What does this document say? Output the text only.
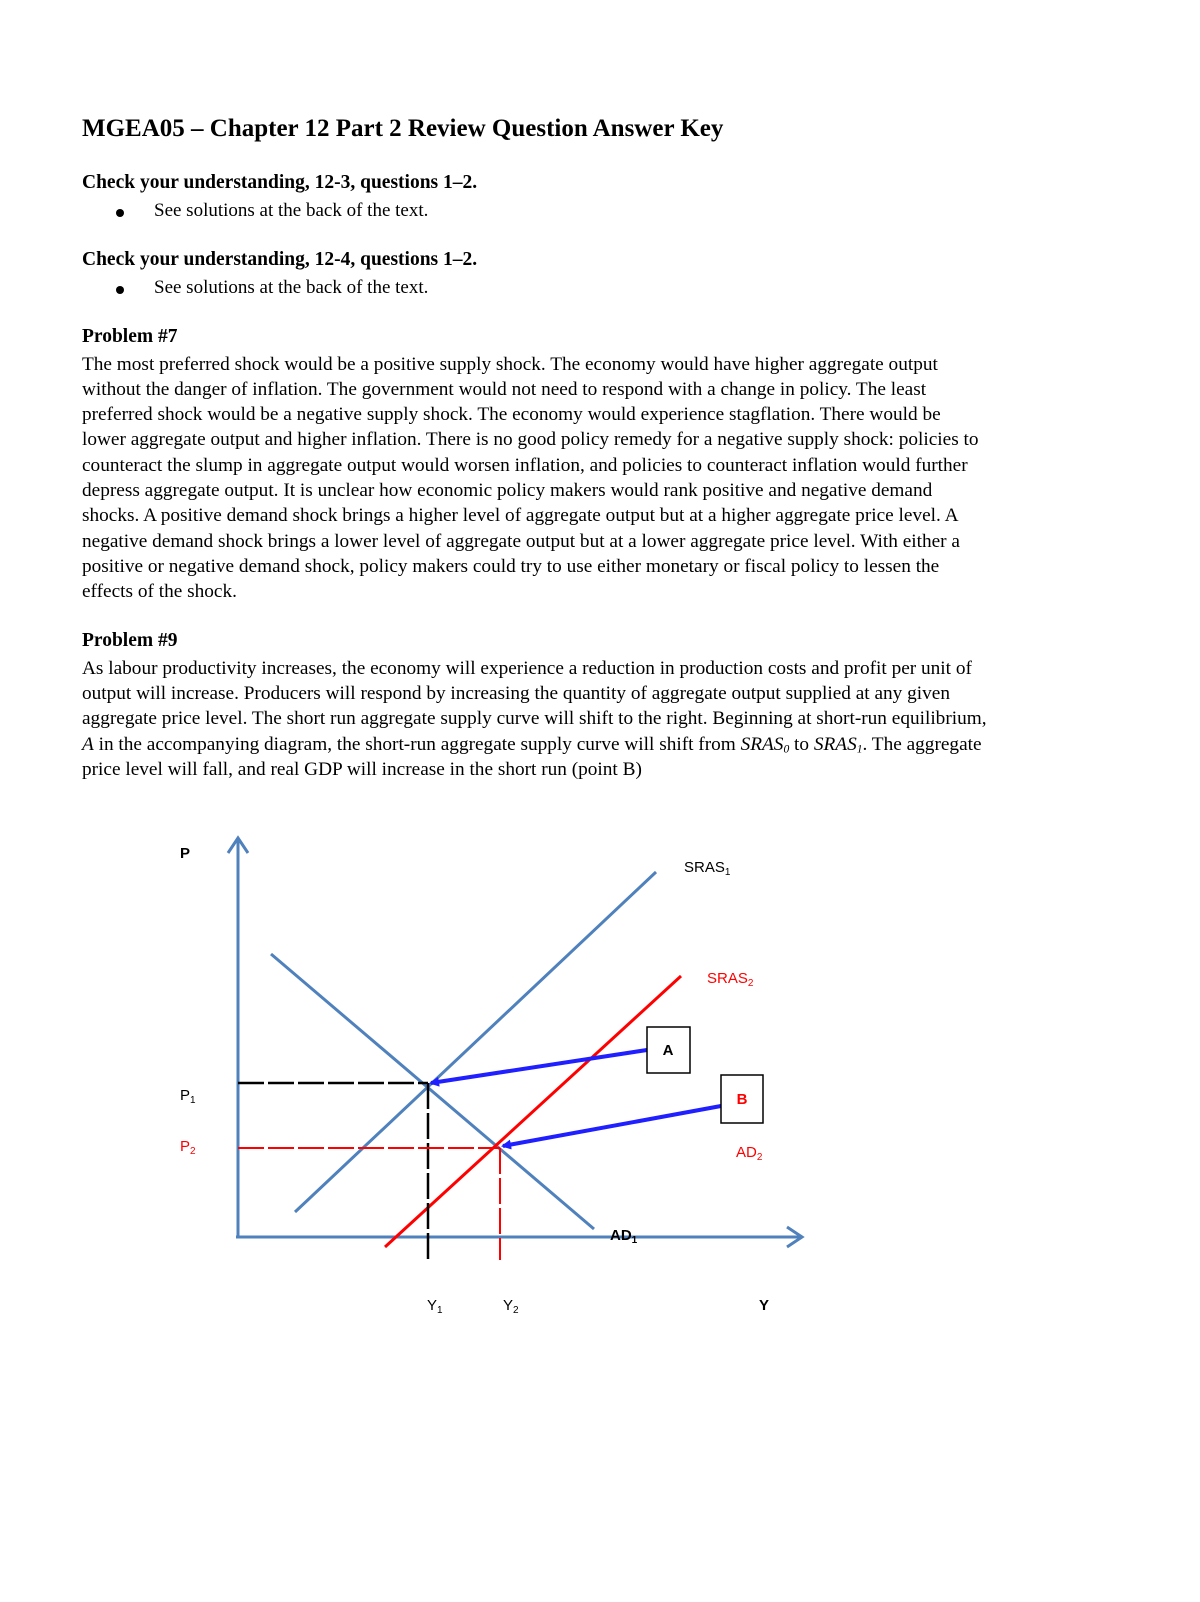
MGEA05 – Chapter 12 Part 2 Review Question Answer Key
Check your understanding, 12-3, questions 1–2.
See solutions at the back of the text.
Check your understanding, 12-4, questions 1–2.
See solutions at the back of the text.
Problem #7
The most preferred shock would be a positive supply shock. The economy would have higher aggregate output
without the danger of inflation. The government would not need to respond with a change in policy. The least
preferred shock would be a negative supply shock. The economy would experience stagflation. There would be
lower aggregate output and higher inflation. There is no good policy remedy for a negative supply shock: policies to
counteract the slump in aggregate output would worsen inflation, and policies to counteract inflation would further
depress aggregate output. It is unclear how economic policy makers would rank positive and negative demand
shocks. A positive demand shock brings a higher level of aggregate output but at a higher aggregate price level. A
negative demand shock brings a lower level of aggregate output but at a lower aggregate price level. With either a
positive or negative demand shock, policy makers could try to use either monetary or fiscal policy to lessen the
effects of the shock.
Problem #9
As labour productivity increases, the economy will experience a reduction in production costs and profit per unit of
output will increase. Producers will respond by increasing the quantity of aggregate output supplied at any given
aggregate price level. The short run aggregate supply curve will shift to the right. Beginning at short-run equilibrium,
A in the accompanying diagram, the short-run aggregate supply curve will shift from $SRAS_0$ to $SRAS_1$. The aggregate
price level will fall, and real GDP will increase in the short run (point B)
A
B
P
Y
$SRAS_1$
$SRAS_2$
$AD_2$
$AD_1$
$P_1$
$P_2$
$Y_1$	$Y_2$
